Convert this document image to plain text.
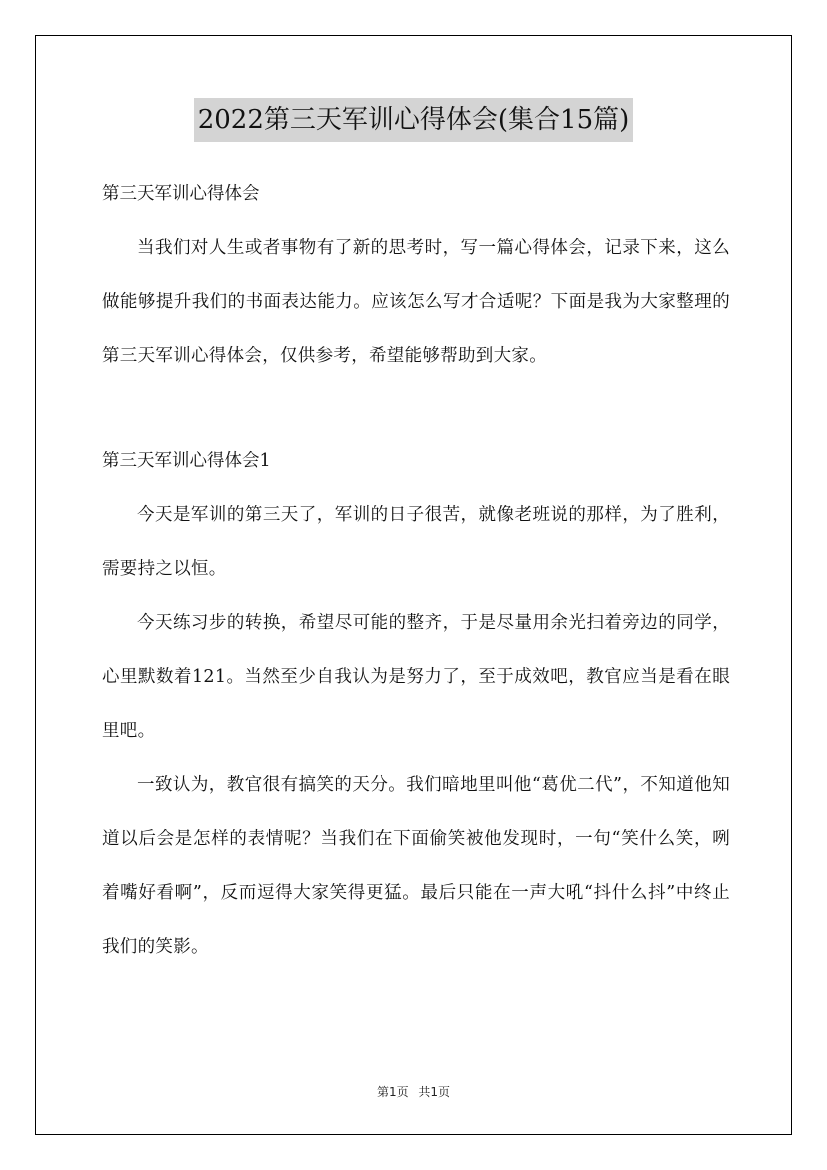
2022第三天军训心得体会(集合15篇)

第三天军训心得体会

当我们对人生或者事物有了新的思考时，写一篇心得体会，记录下来，这么做能够提升我们的书面表达能力。应该怎么写才合适呢？下面是我为大家整理的第三天军训心得体会，仅供参考，希望能够帮助到大家。

第三天军训心得体会1

今天是军训的第三天了，军训的日子很苦，就像老班说的那样，为了胜利，需要持之以恒。

今天练习步的转换，希望尽可能的整齐，于是尽量用余光扫着旁边的同学，心里默数着121。当然至少自我认为是努力了，至于成效吧，教官应当是看在眼里吧。

一致认为，教官很有搞笑的天分。我们暗地里叫他“葛优二代”，不知道他知道以后会是怎样的表情呢？当我们在下面偷笑被他发现时，一句“笑什么笑，咧着嘴好看啊”，反而逗得大家笑得更猛。最后只能在一声大吼“抖什么抖”中终止我们的笑影。

第1页 共1页
